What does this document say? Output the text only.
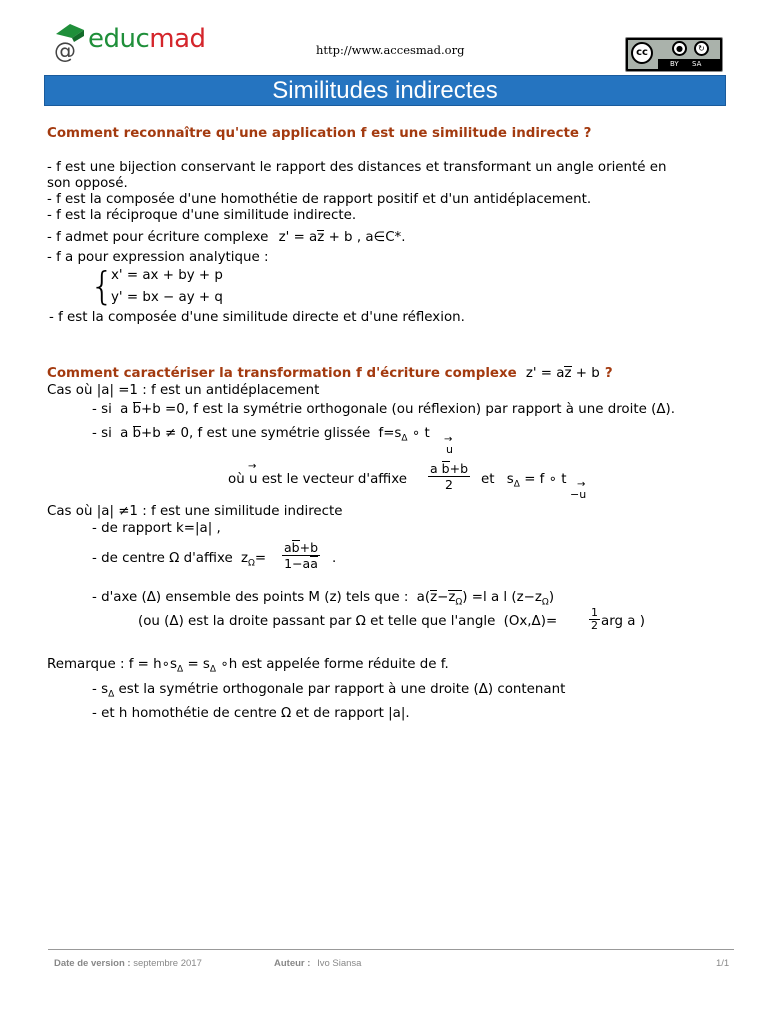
@ educmad	http://www.accesmad.org	cc	●	↻
BY SA
Similitudes indirectes
Comment reconnaître qu'une application f est une similitude indirecte ?
- f est une bijection conservant le rapport des distances et transformant un angle orienté en
son opposé.
- f est la composée d'une homothétie de rapport positif et d'un antidéplacement.
- f est la réciproque d'une similitude indirecte.
- f admet pour écriture complexe z' = az + b , a∈C*.
- f a pour expression analytique :
{
x' = ax + by + p
y' = bx − ay + q
- f est la composée d'une similitude directe et d'une réflexion.
Comment caractériser la transformation f d'écriture complexe z' = az + b ?
Cas où |a| =1 : f est un antidéplacement
- si a b+b =0, f est la symétrie orthogonale (ou réflexion) par rapport à une droite (Δ).
- si a b+b ≠ 0, f est une symétrie glissée $f=s_\Delta$ ∘ t →
u
où
→
u est le vecteur d'affixe $\frac{\text{a b+b}}{2}$ et $s_\Delta = f$ ∘ t →
−u
Cas où |a| ≠1 : f est une similitude indirecte
- de rapport k=|a| ,
- de centre Ω d'affixe $z_\Omega= \frac{ab+b}{1-aa}$ .
- d'axe (Δ) ensemble des points M (z) tels que : $a(z-z_\Omega) =l$ a l $(z-z_\Omega)$
(ou (Δ) est la droite passant par Ω et telle que l'angle (Ox,Δ)=	$\frac{1}{2}$ arg a )
Remarque : $f = h\circ s_\Delta = s_\Delta$ ∘h est appelée forme réduite de f.
- $s_\Delta$ est la symétrie orthogonale par rapport à une droite (Δ) contenant
- et h homothétie de centre Ω et de rapport |a|.
Date de version : septembre 2017	Auteur : Ivo Siansa	1/1
